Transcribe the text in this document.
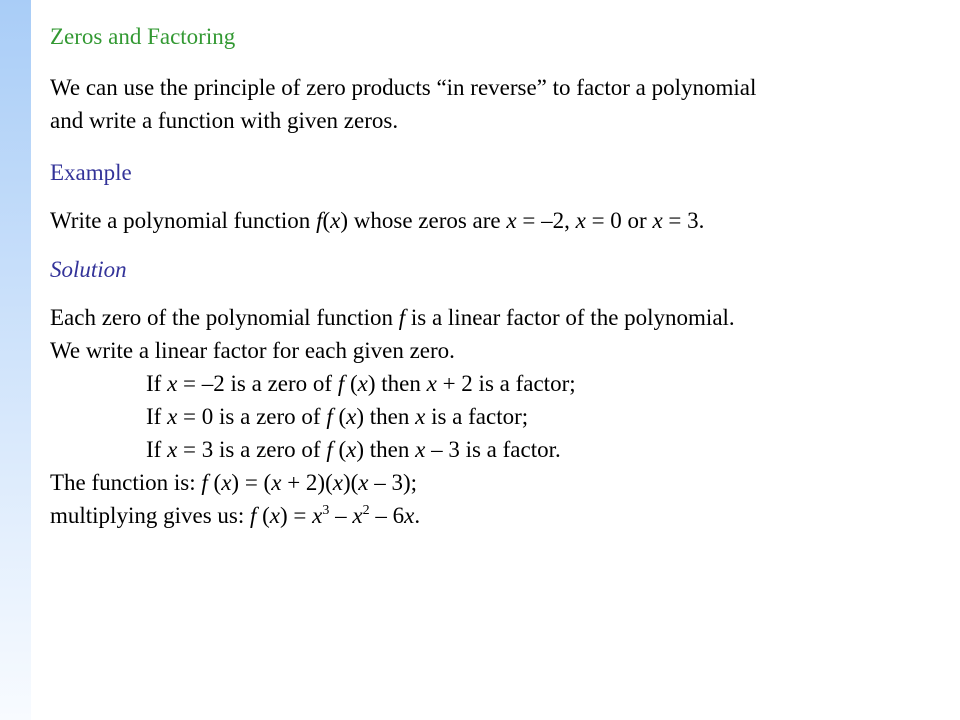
Zeros and Factoring
We can use the principle of zero products “in reverse” to factor a polynomial
and write a function with given zeros.
Example
Write a polynomial function f(x) whose zeros are x = –2, x = 0 or x = 3.
Solution
Each zero of the polynomial function f is a linear factor of the polynomial.
We write a linear factor for each given zero.
If x = –2 is a zero of f (x) then x + 2 is a factor;
If x = 0 is a zero of f (x) then x is a factor;
If x = 3 is a zero of f (x) then x – 3 is a factor.
The function is: f (x) = (x + 2)(x)(x – 3);
multiplying gives us: f $(x) = x^3 - x^2 - 6x$.
